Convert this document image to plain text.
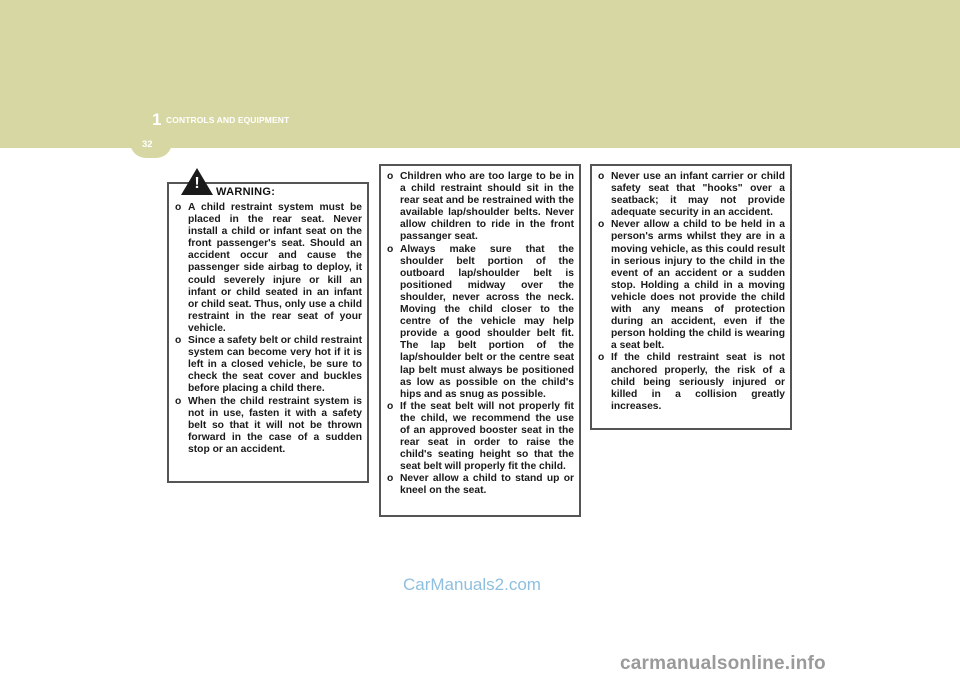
1 CONTROLS AND EQUIPMENT
32
o A child restraint system must be placed in the rear seat. Never install a child or infant seat on the front passenger's seat. Should an accident occur and cause the passenger side airbag to deploy, it could severely injure or kill an infant or child seated in an infant or child seat. Thus, only use a child restraint in the rear seat of your vehicle.
o Since a safety belt or child restraint system can become very hot if it is left in a closed vehicle, be sure to check the seat cover and buckles before placing a child there.
o When the child restraint system is not in use, fasten it with a safety belt so that it will not be thrown forward in the case of a sudden stop or an accident.
!	WARNING:
o Children who are too large to be in a child restraint should sit in the rear seat and be restrained with the available lap/shoulder belts. Never allow children to ride in the front passanger seat.
o Always make sure that the shoulder belt portion of the outboard lap/shoulder belt is positioned midway over the shoulder, never across the neck. Moving the child closer to the centre of the vehicle may help provide a good shoulder belt fit. The lap belt portion of the lap/shoulder belt or the centre seat lap belt must always be positioned as low as possible on the child's hips and as snug as possible.
o If the seat belt will not properly fit the child, we recommend the use of an approved booster seat in the rear seat in order to raise the child's seating height so that the seat belt will properly fit the child.
o Never allow a child to stand up or kneel on the seat.
o Never use an infant carrier or child safety seat that "hooks" over a seatback; it may not provide adequate security in an accident.
o Never allow a child to be held in a person's arms whilst they are in a moving vehicle, as this could result in serious injury to the child in the event of an accident or a sudden stop. Holding a child in a moving vehicle does not provide the child with any means of protection during an accident, even if the person holding the child is wearing a seat belt.
o If the child restraint seat is not anchored properly, the risk of a child being seriously injured or killed in a collision greatly increases.
CarManuals2.com
carmanualsonline.info
